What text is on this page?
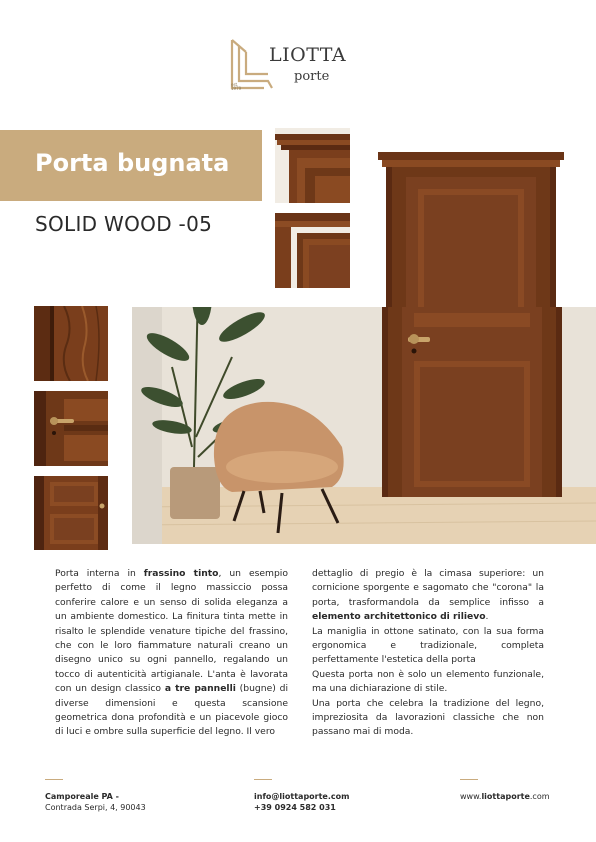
est.
1979
LIOTTA
porte
Porta bugnata
SOLID WOOD -05
Porta interna in frassino tinto, un esempio perfetto di come il legno massiccio possa conferire calore e un senso di solida eleganza a un ambiente domestico. La finitura tinta mette in risalto le splendide venature tipiche del frassino, che con le loro fiammature naturali creano un disegno unico su ogni pannello, regalando un tocco di autenticità artigianale. L'anta è lavorata con un design classico a tre pannelli (bugne) di diverse dimensioni e questa scansione geometrica dona profondità e un piacevole gioco di luci e ombre sulla superficie del legno. Il vero
dettaglio di pregio è la cimasa superiore: un cornicione sporgente e sagomato che "corona" la porta, trasformandola da semplice infisso a elemento architettonico di rilievo.
La maniglia in ottone satinato, con la sua forma ergonomica e tradizionale, completa perfettamente l'estetica della porta
Questa porta non è solo un elemento funzionale, ma una dichiarazione di stile.
Una porta che celebra la tradizione del legno, impreziosita da lavorazioni classiche che non passano mai di moda.
Camporeale PA -
Contrada Serpi, 4, 90043
info@liottaporte.com
+39 0924 582 031
www.liottaporte.com
